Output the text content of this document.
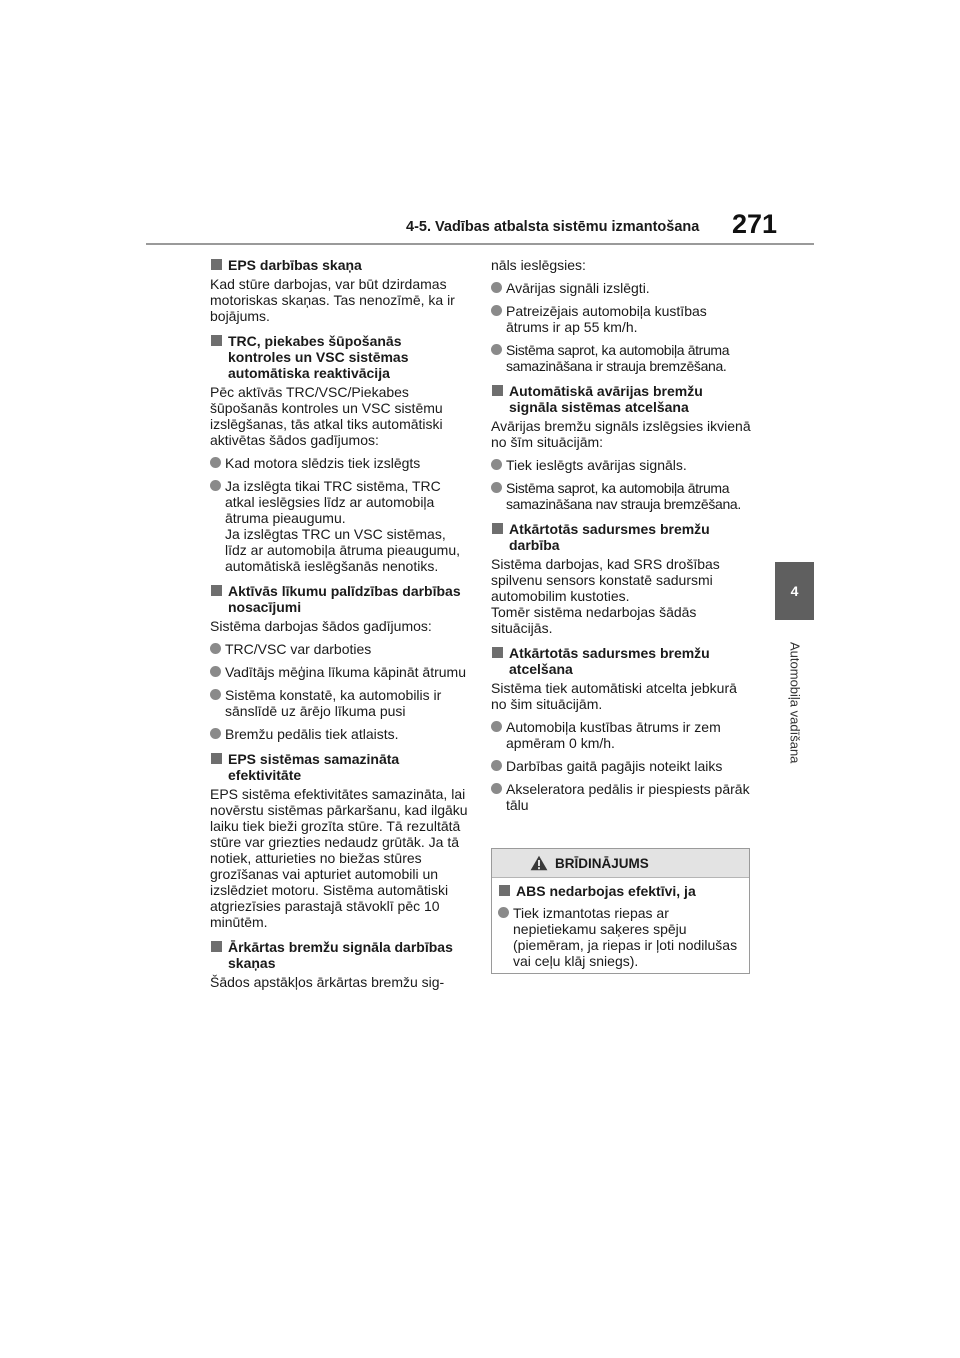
4-5. Vadības atbalsta sistēmu izmantošana 271
4
Automobiļa vadīšana
EPS darbības skaņa
Kad stūre darbojas, var būt dzirdamas motoriskas skaņas. Tas nenozīmē, ka ir bojājums.
TRC, piekabes šūpošanās kontroles un VSC sistēmas automātiska reaktivācija
Pēc aktīvās TRC/VSC/Piekabes šūpošanās kontroles un VSC sistēmu izslēgšanas, tās atkal tiks automātiski aktivētas šādos gadījumos:
Kad motora slēdzis tiek izslēgts
Ja izslēgta tikai TRC sistēma, TRC atkal ieslēgsies līdz ar automobiļa ātruma pieaugumu.
Ja izslēgtas TRC un VSC sistēmas, līdz ar automobiļa ātruma pieaugumu, automātiskā ieslēgšanās nenotiks.
Aktīvās līkumu palīdzības darbības nosacījumi
Sistēma darbojas šādos gadījumos:
TRC/VSC var darboties
Vadītājs mēģina līkuma kāpināt ātrumu
Sistēma konstatē, ka automobilis ir sānslīdē uz ārējo līkuma pusi
Bremžu pedālis tiek atlaists.
EPS sistēmas samazināta efektivitāte
EPS sistēma efektivitātes samazināta, lai novērstu sistēmas pārkaršanu, kad ilgāku laiku tiek bieži grozīta stūre. Tā rezultātā stūre var griezties nedaudz grūtāk. Ja tā notiek, atturieties no biežas stūres grozīšanas vai apturiet automobili un izslēdziet motoru. Sistēma automātiski atgriezīsies parastajā stāvoklī pēc 10 minūtēm.
Ārkārtas bremžu signāla darbības skaņas
Šādos apstākļos ārkārtas bremžu sig-
nāls ieslēgsies:
Avārijas signāli izslēgti.
Patreizējais automobiļa kustības ātrums ir ap 55 km/h.
Sistēma saprot, ka automobiļa ātruma samazināšana ir strauja bremzēšana.
Automātiskā avārijas bremžu signāla sistēmas atcelšana
Avārijas bremžu signāls izslēgsies ikvienā no šīm situācijām:
Tiek ieslēgts avārijas signāls.
Sistēma saprot, ka automobiļa ātruma samazināšana nav strauja bremzēšana.
Atkārtotās sadursmes bremžu darbība
Sistēma darbojas, kad SRS drošības spilvenu sensors konstatē sadursmi automobilim kustoties.
Tomēr sistēma nedarbojas šādās situācijās.
Atkārtotās sadursmes bremžu atcelšana
Sistēma tiek automātiski atcelta jebkurā no šim situācijām.
Automobiļa kustības ātrums ir zem apmēram 0 km/h.
Darbības gaitā pagājis noteikt laiks
Akseleratora pedālis ir piespiests pārāk tālu
BRĪDINĀJUMS
ABS nedarbojas efektīvi, ja
Tiek izmantotas riepas ar nepietiekamu saķeres spēju (piemēram, ja riepas ir ļoti nodilušas vai ceļu klāj sniegs).
